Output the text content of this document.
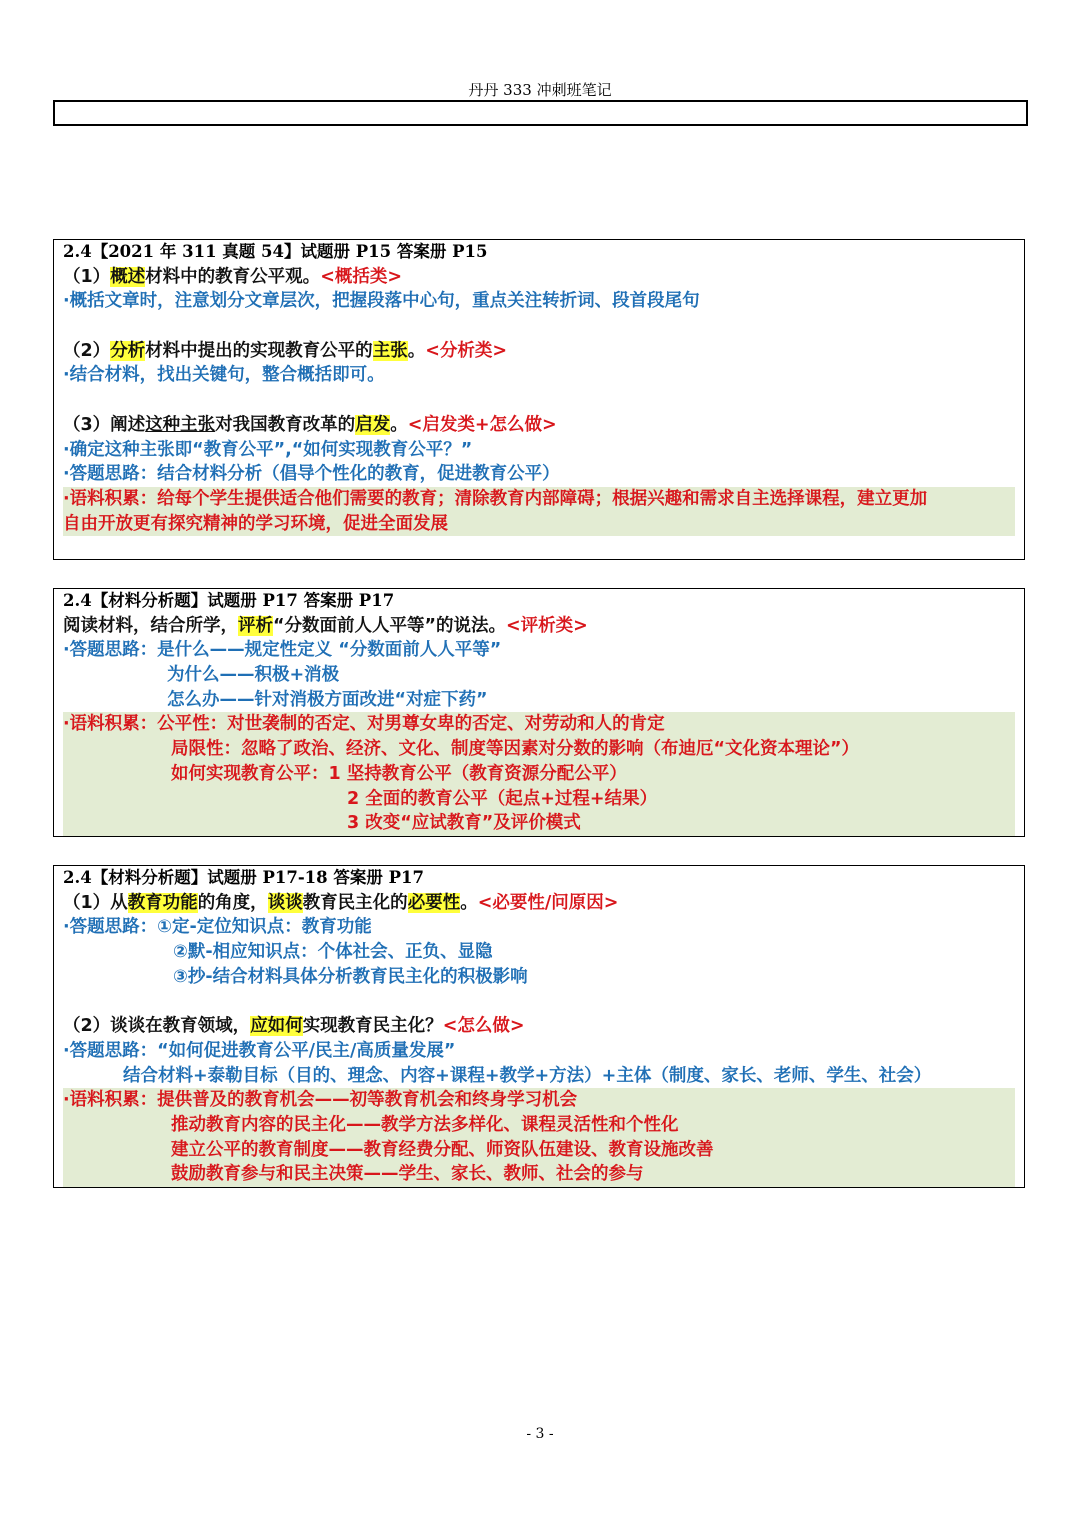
丹丹 333 冲刺班笔记
2.4【2021 年 311 真题 54】试题册 P15 答案册 P15
（1）概述材料中的教育公平观。<概括类>
·概括文章时，注意划分文章层次，把握段落中心句，重点关注转折词、段首段尾句
（2）分析材料中提出的实现教育公平的主张。<分析类>
·结合材料，找出关键句，整合概括即可。
（3）阐述这种主张对我国教育改革的启发。<启发类+怎么做>
·确定这种主张即“教育公平”,“如何实现教育公平？”
·答题思路：结合材料分析（倡导个性化的教育，促进教育公平）
·语料积累：给每个学生提供适合他们需要的教育；清除教育内部障碍；根据兴趣和需求自主选择课程，建立更加
自由开放更有探究精神的学习环境，促进全面发展
2.4【材料分析题】试题册 P17 答案册 P17
阅读材料，结合所学，评析“分数面前人人平等”的说法。<评析类>
·答题思路：是什么——规定性定义 “分数面前人人平等”
为什么——积极+消极
怎么办——针对消极方面改进“对症下药”
·语料积累：公平性：对世袭制的否定、对男尊女卑的否定、对劳动和人的肯定
局限性：忽略了政治、经济、文化、制度等因素对分数的影响（布迪厄“文化资本理论”）
如何实现教育公平：1 坚持教育公平（教育资源分配公平）
2 全面的教育公平（起点+过程+结果）
3 改变“应试教育”及评价模式
2.4【材料分析题】试题册 P17-18 答案册 P17
（1）从教育功能的角度，谈谈教育民主化的必要性。<必要性/问原因>
·答题思路：①定-定位知识点：教育功能
②默-相应知识点：个体社会、正负、显隐
③抄-结合材料具体分析教育民主化的积极影响
（2）谈谈在教育领域，应如何实现教育民主化？<怎么做>
·答题思路：“如何促进教育公平/民主/高质量发展”
结合材料+泰勒目标（目的、理念、内容+课程+教学+方法）+主体（制度、家长、老师、学生、社会）
·语料积累：提供普及的教育机会——初等教育机会和终身学习机会
推动教育内容的民主化——教学方法多样化、课程灵活性和个性化
建立公平的教育制度——教育经费分配、师资队伍建设、教育设施改善
鼓励教育参与和民主决策——学生、家长、教师、社会的参与
- 3 -
